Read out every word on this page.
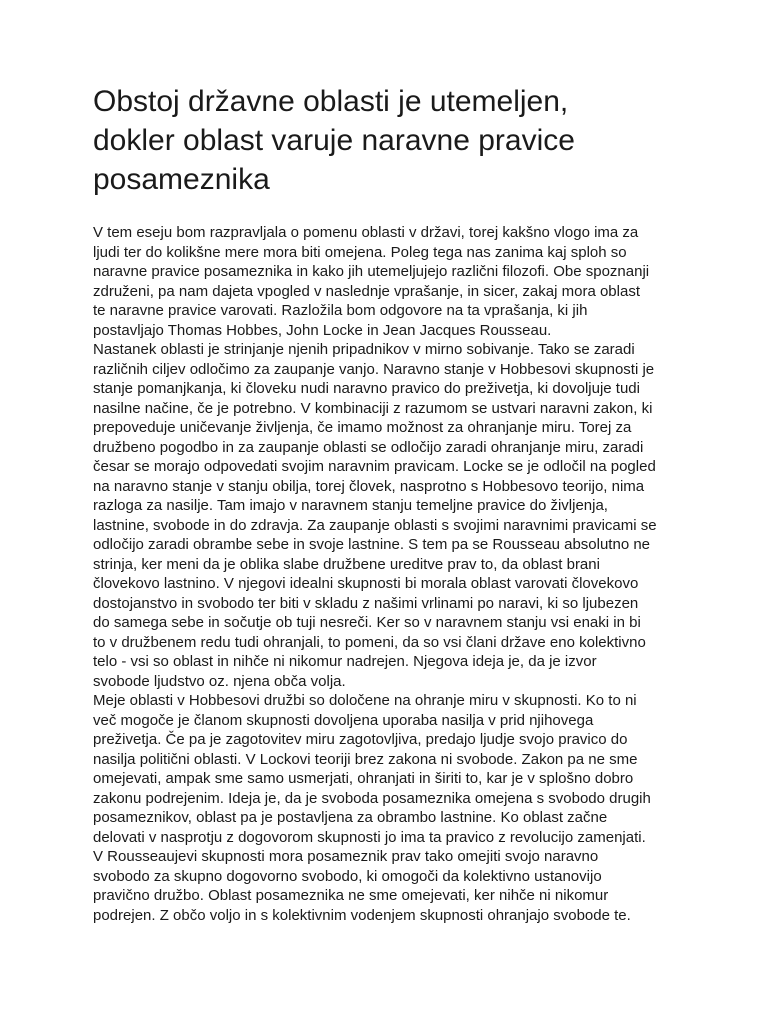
Obstoj državne oblasti je utemeljen,
dokler oblast varuje naravne pravice
posameznika

V tem eseju bom razpravljala o pomenu oblasti v državi, torej kakšno vlogo ima za
ljudi ter do kolikšne mere mora biti omejena. Poleg tega nas zanima kaj sploh so
naravne pravice posameznika in kako jih utemeljujejo različni filozofi. Obe spoznanji
združeni, pa nam dajeta vpogled v naslednje vprašanje, in sicer, zakaj mora oblast
te naravne pravice varovati. Razložila bom odgovore na ta vprašanja, ki jih
postavljajo Thomas Hobbes, John Locke in Jean Jacques Rousseau.

Nastanek oblasti je strinjanje njenih pripadnikov v mirno sobivanje. Tako se zaradi
različnih ciljev odločimo za zaupanje vanjo. Naravno stanje v Hobbesovi skupnosti je
stanje pomanjkanja, ki človeku nudi naravno pravico do preživetja, ki dovoljuje tudi
nasilne načine, če je potrebno. V kombinaciji z razumom se ustvari naravni zakon, ki
prepoveduje uničevanje življenja, če imamo možnost za ohranjanje miru. Torej za
družbeno pogodbo in za zaupanje oblasti se odločijo zaradi ohranjanje miru, zaradi
česar se morajo odpovedati svojim naravnim pravicam. Locke se je odločil na pogled
na naravno stanje v stanju obilja, torej človek, nasprotno s Hobbesovo teorijo, nima
razloga za nasilje. Tam imajo v naravnem stanju temeljne pravice do življenja,
lastnine, svobode in do zdravja. Za zaupanje oblasti s svojimi naravnimi pravicami se
odločijo zaradi obrambe sebe in svoje lastnine. S tem pa se Rousseau absolutno ne
strinja, ker meni da je oblika slabe družbene ureditve prav to, da oblast brani
človekovo lastnino. V njegovi idealni skupnosti bi morala oblast varovati človekovo
dostojanstvo in svobodo ter biti v skladu z našimi vrlinami po naravi, ki so ljubezen
do samega sebe in sočutje ob tuji nesreči. Ker so v naravnem stanju vsi enaki in bi
to v družbenem redu tudi ohranjali, to pomeni, da so vsi člani države eno kolektivno
telo - vsi so oblast in nihče ni nikomur nadrejen. Njegova ideja je, da je izvor
svobode ljudstvo oz. njena obča volja.

Meje oblasti v Hobbesovi družbi so določene na ohranje miru v skupnosti. Ko to ni
več mogoče je članom skupnosti dovoljena uporaba nasilja v prid njihovega
preživetja. Če pa je zagotovitev miru zagotovljiva, predajo ljudje svojo pravico do
nasilja politični oblasti. V Lockovi teoriji brez zakona ni svobode. Zakon pa ne sme
omejevati, ampak sme samo usmerjati, ohranjati in širiti to, kar je v splošno dobro
zakonu podrejenim. Ideja je, da je svoboda posameznika omejena s svobodo drugih
posameznikov, oblast pa je postavljena za obrambo lastnine. Ko oblast začne
delovati v nasprotju z dogovorom skupnosti jo ima ta pravico z revolucijo zamenjati.
V Rousseaujevi skupnosti mora posameznik prav tako omejiti svojo naravno
svobodo za skupno dogovorno svobodo, ki omogoči da kolektivno ustanovijo
pravično družbo. Oblast posameznika ne sme omejevati, ker nihče ni nikomur
podrejen. Z občo voljo in s kolektivnim vodenjem skupnosti ohranjajo svobode te.
